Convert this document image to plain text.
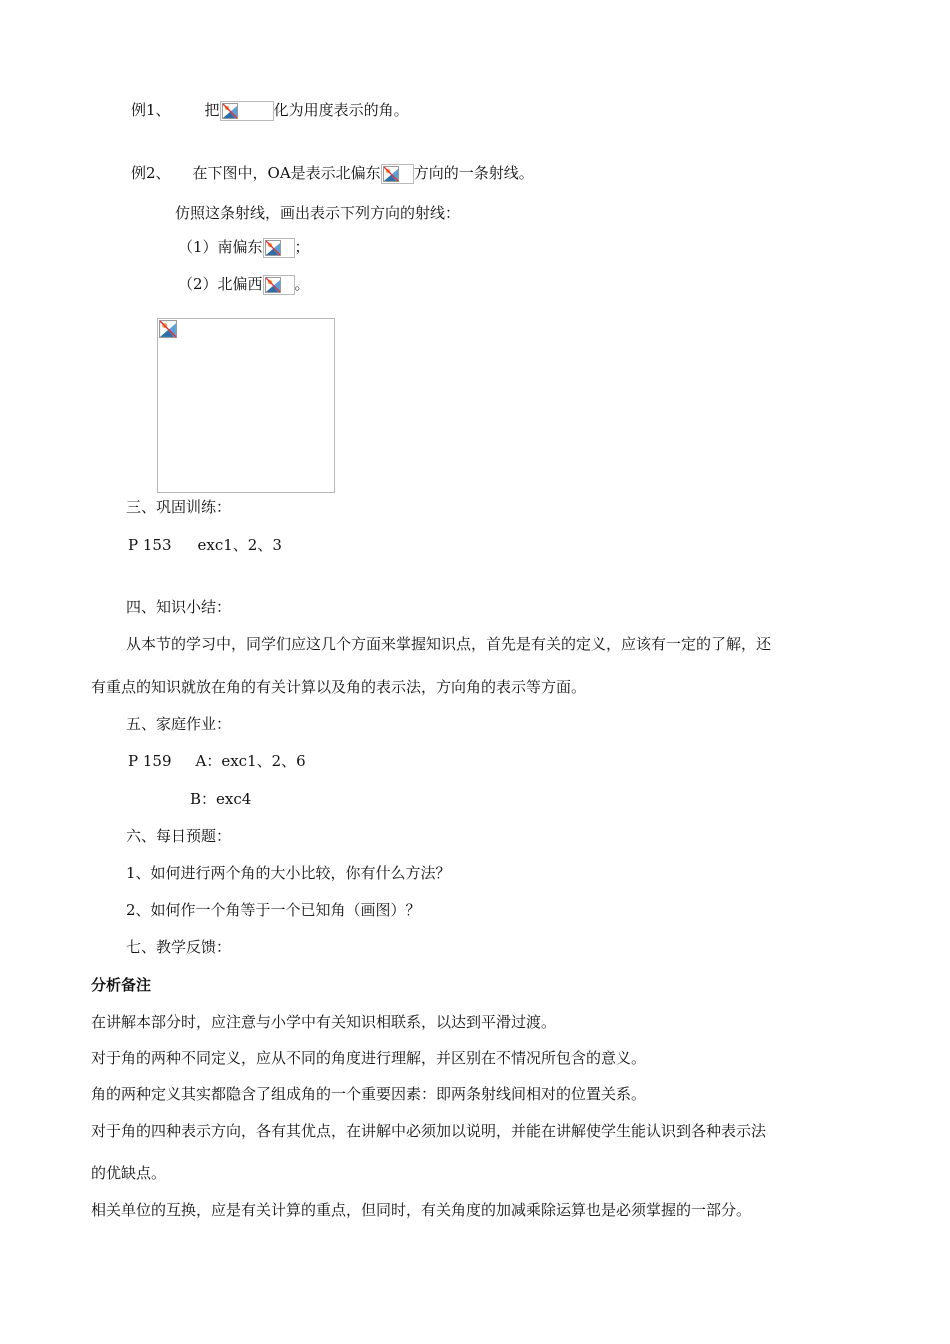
例1、 把	化为用度表示的角。
例2、 在下图中，OA是表示北偏东 方向的一条射线。
仿照这条射线，画出表示下列方向的射线：
（1）南偏东 ；
（2）北偏西 。
三、巩固训练：
P 153 exc1、2、3
四、知识小结：
从本节的学习中，同学们应这几个方面来掌握知识点，首先是有关的定义，应该有一定的了解，还
有重点的知识就放在角的有关计算以及角的表示法，方向角的表示等方面。
五、家庭作业：
P 159 A：exc1、2、6
B：exc4
六、每日预题：
1、如何进行两个角的大小比较，你有什么方法？
2、如何作一个角等于一个已知角（画图）？
七、教学反馈：
分析备注
在讲解本部分时，应注意与小学中有关知识相联系，以达到平滑过渡。
对于角的两种不同定义，应从不同的角度进行理解，并区别在不情况所包含的意义。
角的两种定义其实都隐含了组成角的一个重要因素：即两条射线间相对的位置关系。
对于角的四种表示方向，各有其优点，在讲解中必须加以说明，并能在讲解使学生能认识到各种表示法
的优缺点。
相关单位的互换，应是有关计算的重点，但同时，有关角度的加减乘除运算也是必须掌握的一部分。
